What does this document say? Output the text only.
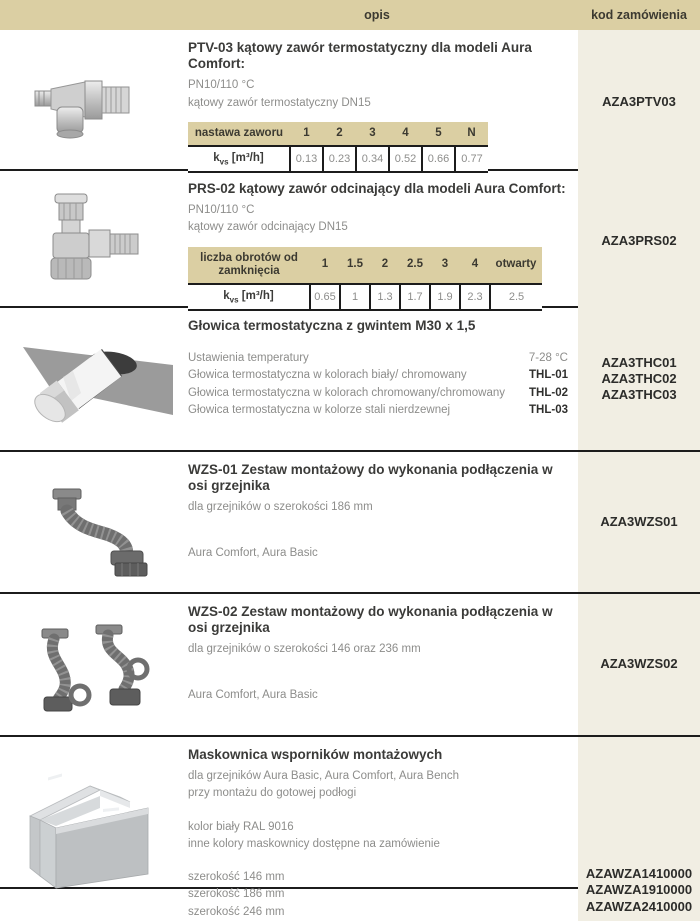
opis	kod zamówienia
PTV-03 kątowy zawór termostatyczny dla modeli Aura Comfort:
PN10/110 °C
kątowy zawór termostatyczny DN15
nastawa zaworu	1	2	3	4	5	N
$k_{vs}$ [m³/h]	0.13	0.23	0.34	0.52	0.66	0.77
AZA3PTV03
PRS-02 kątowy zawór odcinający dla modeli Aura Comfort:
PN10/110 °C
kątowy zawór odcinający DN15
liczba obrotów od
zamknięcia	1	1.5	2	2.5	3	4	otwarty
$k_{vs}$ [m³/h]	0.65	1	1.3	1.7	1.9	2.3	2.5
AZA3PRS02
Głowica termostatyczna z gwintem M30 x 1,5
Ustawienia temperatury	7-28 °C
Głowica termostatyczna w kolorach biały/ chromowany	THL-01
Głowica termostatyczna w kolorach chromowany/chromowany THL-02
Głowica termostatyczna w kolorze stali nierdzewnej	THL-03
AZA3THC01
AZA3THC02
AZA3THC03
WZS-01 Zestaw montażowy do wykonania podłączenia w osi grzejnika
dla grzejników o szerokości 186 mm
Aura Comfort, Aura Basic
AZA3WZS01
WZS-02 Zestaw montażowy do wykonania podłączenia w osi grzejnika
dla grzejników o szerokości 146 oraz 236 mm
Aura Comfort, Aura Basic
AZA3WZS02
Maskownica wsporników montażowych
dla grzejników Aura Basic, Aura Comfort, Aura Bench
przy montażu do gotowej podłogi
kolor biały RAL 9016
inne kolory maskownicy dostępne na zamówienie
szerokość 146 mm
szerokość 186 mm
szerokość 246 mm
AZAWZA1410000
AZAWZA1910000
AZAWZA2410000
